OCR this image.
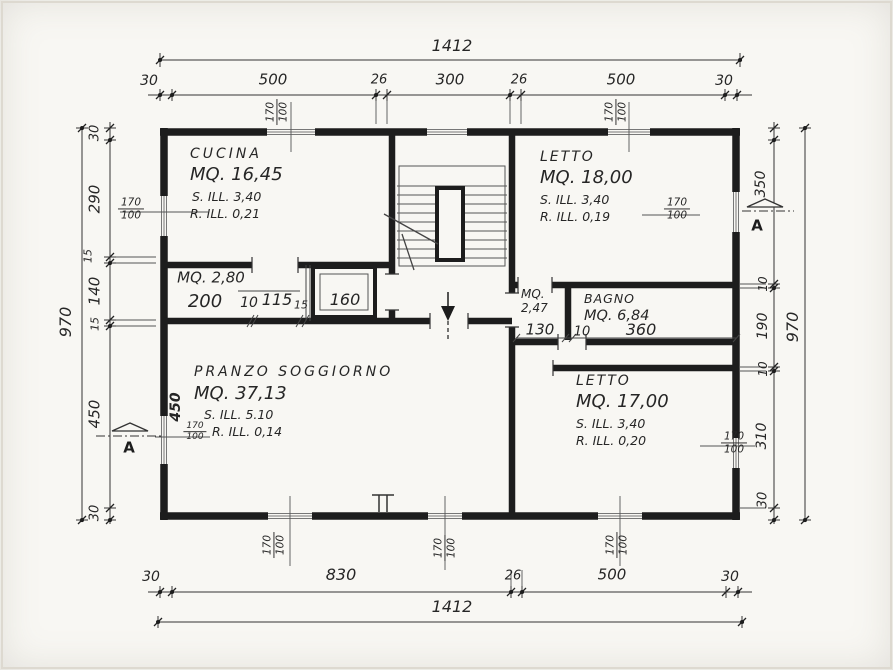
1412
30	500	26	300	26	500	30
30	830	26	500	30
1412
970
30
290
15
140
15
450
30
350
10
190
10
310
30
970
CUCINA
MQ. 16,45
S. ILL. 3,40
R. ILL. 0,21
LETTO
MQ. 18,00
S. ILL. 3,40
R. ILL. 0,19
PRANZO SOGGIORNO
MQ. 37,13
S. ILL. 5.10
R. ILL. 0,14
LETTO
MQ. 17,00
S. ILL. 3,40
R. ILL. 0,20
MQ. 2,80
200 10 115 15 160	MQ.
2,47
130
BAGNO
MQ. 6,84
10 360
170 100	170 100
$\frac{170}{100}$	$\frac{170}{100}$
$\frac{170}{100}$	$\frac{170}{100}$
170 100	170 100	170 100
450
A
A
